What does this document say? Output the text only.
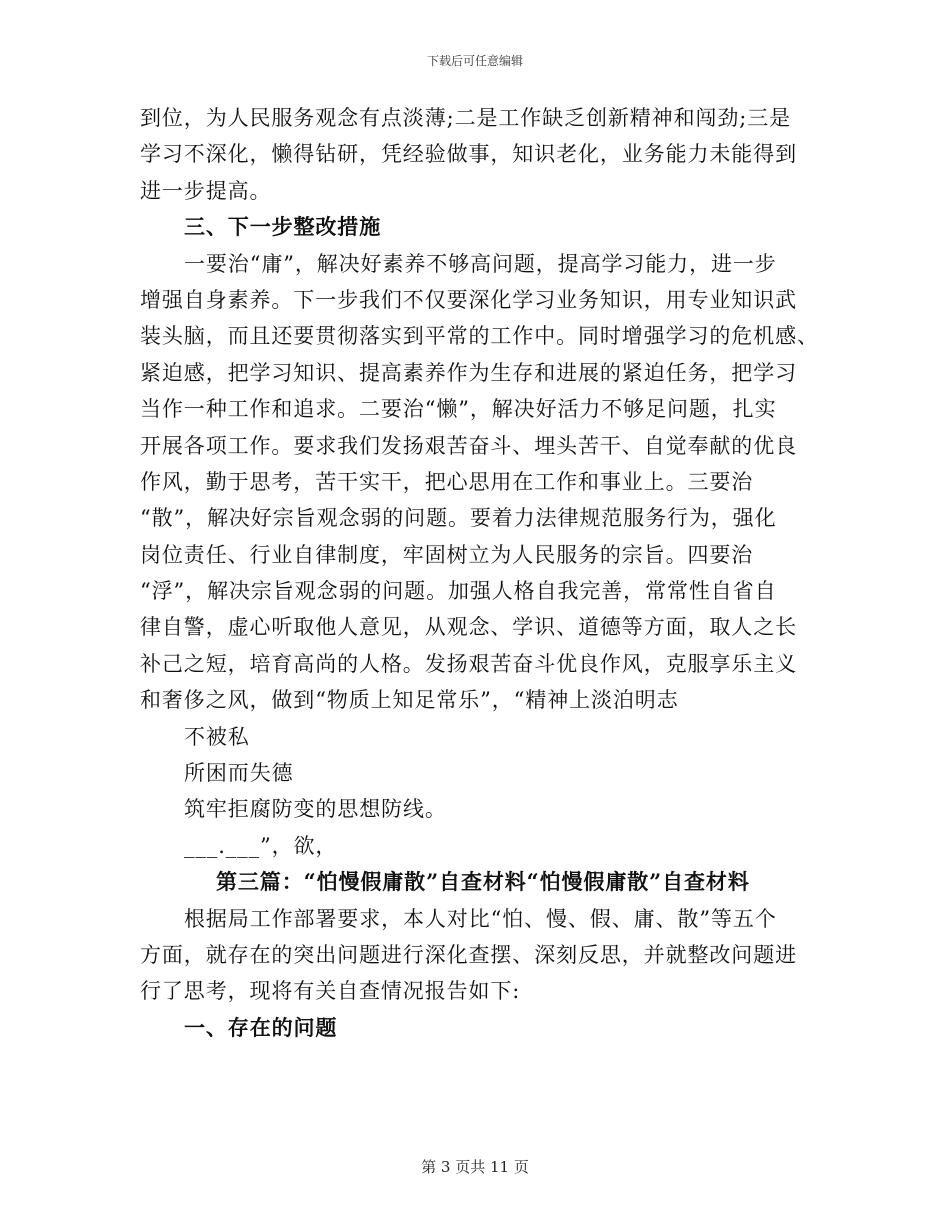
下载后可任意编辑
到位，为人民服务观念有点淡薄;二是工作缺乏创新精神和闯劲;三是
学习不深化，懒得钻研，凭经验做事，知识老化，业务能力未能得到
进一步提高。
三、下一步整改措施
一要治“庸”，解决好素养不够高问题，提高学习能力，进一步
增强自身素养。下一步我们不仅要深化学习业务知识，用专业知识武
装头脑，而且还要贯彻落实到平常的工作中。同时增强学习的危机感、
紧迫感，把学习知识、提高素养作为生存和进展的紧迫任务，把学习
当作一种工作和追求。二要治“懒”，解决好活力不够足问题，扎实
开展各项工作。要求我们发扬艰苦奋斗、埋头苦干、自觉奉献的优良
作风，勤于思考，苦干实干，把心思用在工作和事业上。三要治
“散”，解决好宗旨观念弱的问题。要着力法律规范服务行为，强化
岗位责任、行业自律制度，牢固树立为人民服务的宗旨。四要治
“浮”，解决宗旨观念弱的问题。加强人格自我完善，常常性自省自
律自警，虚心听取他人意见，从观念、学识、道德等方面，取人之长
补己之短，培育高尚的人格。发扬艰苦奋斗优良作风，克服享乐主义
和奢侈之风，做到“物质上知足常乐”，“精神上淡泊明志
不被私
所困而失德
筑牢拒腐防变的思想防线。
___.___”，欲，
第三篇：“怕慢假庸散”自查材料“怕慢假庸散”自查材料
根据局工作部署要求，本人对比“怕、慢、假、庸、散”等五个
方面，就存在的突出问题进行深化查摆、深刻反思，并就整改问题进
行了思考，现将有关自查情况报告如下:
一、存在的问题
第 3 页共 11 页
